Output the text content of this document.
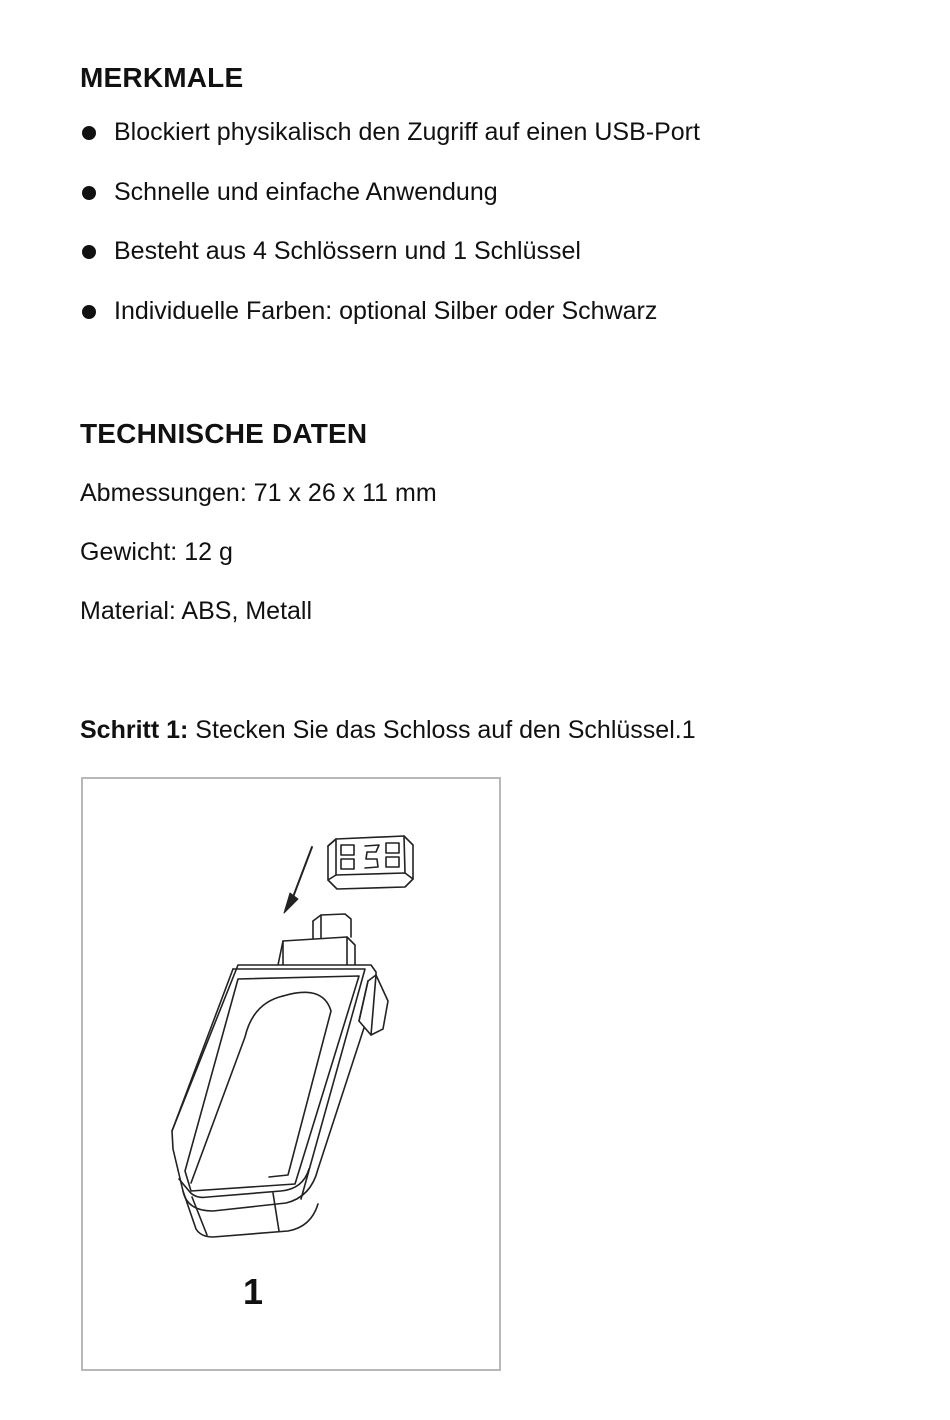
MERKMALE
Blockiert physikalisch den Zugriff auf einen USB-Port
Schnelle und einfache Anwendung
Besteht aus 4 Schlössern und 1 Schlüssel
Individuelle Farben: optional Silber oder Schwarz
TECHNISCHE DATEN

Abmessungen: 71 x 26 x 11 mm

Gewicht: 12 g

Material: ABS, Metall

Schritt 1: Stecken Sie das Schloss auf den Schlüssel.1

1
